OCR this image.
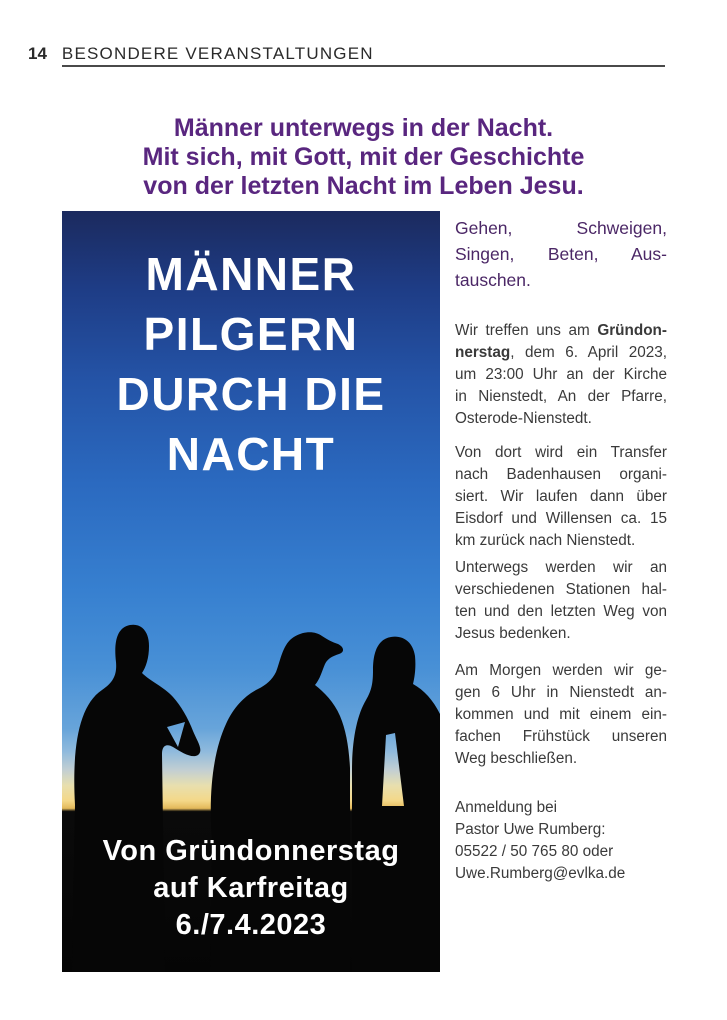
14 BESONDERE VERANSTALTUNGEN
Männer unterwegs in der Nacht.
Mit sich, mit Gott, mit der Geschichte
von der letzten Nacht im Leben Jesu.
MÄNNER
PILGERN
DURCH DIE
NACHT
Von Gründonnerstag
auf Karfreitag
6./7.4.2023
Gehen, Schweigen,
Singen, Beten, Aus-
tauschen.
Wir treffen uns am Gründon-
nerstag, dem 6. April 2023,
um 23:00 Uhr an der Kirche
in Nienstedt, An der Pfarre,
Osterode-Nienstedt.
Von dort wird ein Transfer
nach Badenhausen organi-
siert. Wir laufen dann über
Eisdorf und Willensen ca. 15
km zurück nach Nienstedt.
Unterwegs werden wir an
verschiedenen Stationen hal-
ten und den letzten Weg von
Jesus bedenken.
Am Morgen werden wir ge-
gen 6 Uhr in Nienstedt an-
kommen und mit einem ein-
fachen Frühstück unseren
Weg beschließen.
Anmeldung bei
Pastor Uwe Rumberg:
05522 / 50 765 80 oder
Uwe.Rumberg@evlka.de
